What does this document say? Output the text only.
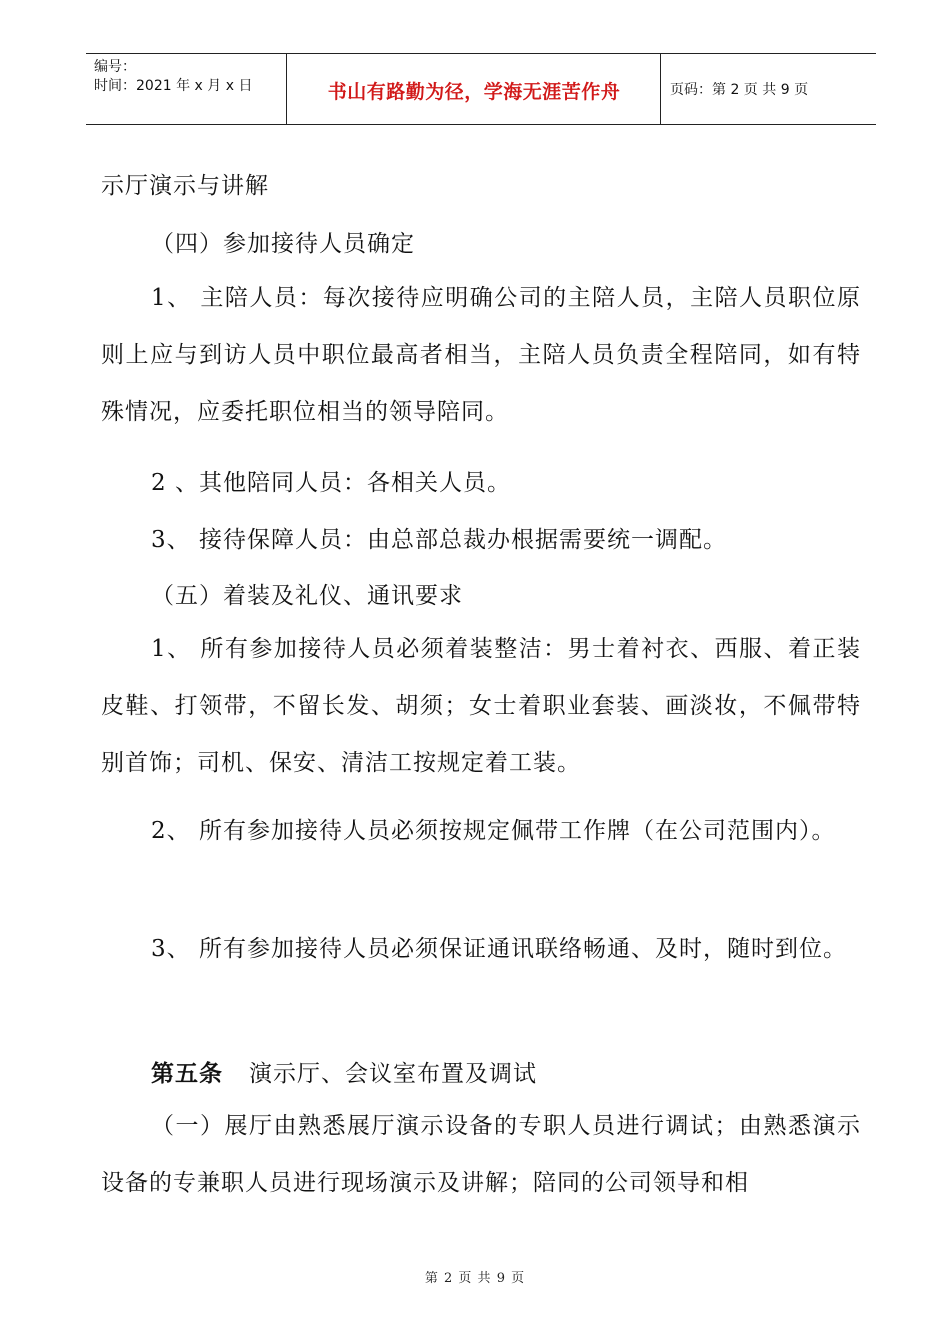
编号：
时间：2021 年 x 月 x 日	书山有路勤为径，学海无涯苦作舟	页码：第 2 页 共 9 页

示厅演示与讲解

（四）参加接待人员确定

1、 主陪人员：每次接待应明确公司的主陪人员，主陪人员职位原则上应与到访人员中职位最高者相当，主陪人员负责全程陪同，如有特殊情况，应委托职位相当的领导陪同。

2 、其他陪同人员：各相关人员。

3、 接待保障人员：由总部总裁办根据需要统一调配。

（五）着装及礼仪、通讯要求

1、 所有参加接待人员必须着装整洁：男士着衬衣、西服、着正装皮鞋、打领带，不留长发、胡须；女士着职业套装、画淡妆，不佩带特别首饰；司机、保安、清洁工按规定着工装。

2、 所有参加接待人员必须按规定佩带工作牌（在公司范围内）。

3、 所有参加接待人员必须保证通讯联络畅通、及时，随时到位。

第五条 演示厅、会议室布置及调试

（一）展厅由熟悉展厅演示设备的专职人员进行调试；由熟悉演示设备的专兼职人员进行现场演示及讲解；陪同的公司领导和相

第 2 页 共 9 页
